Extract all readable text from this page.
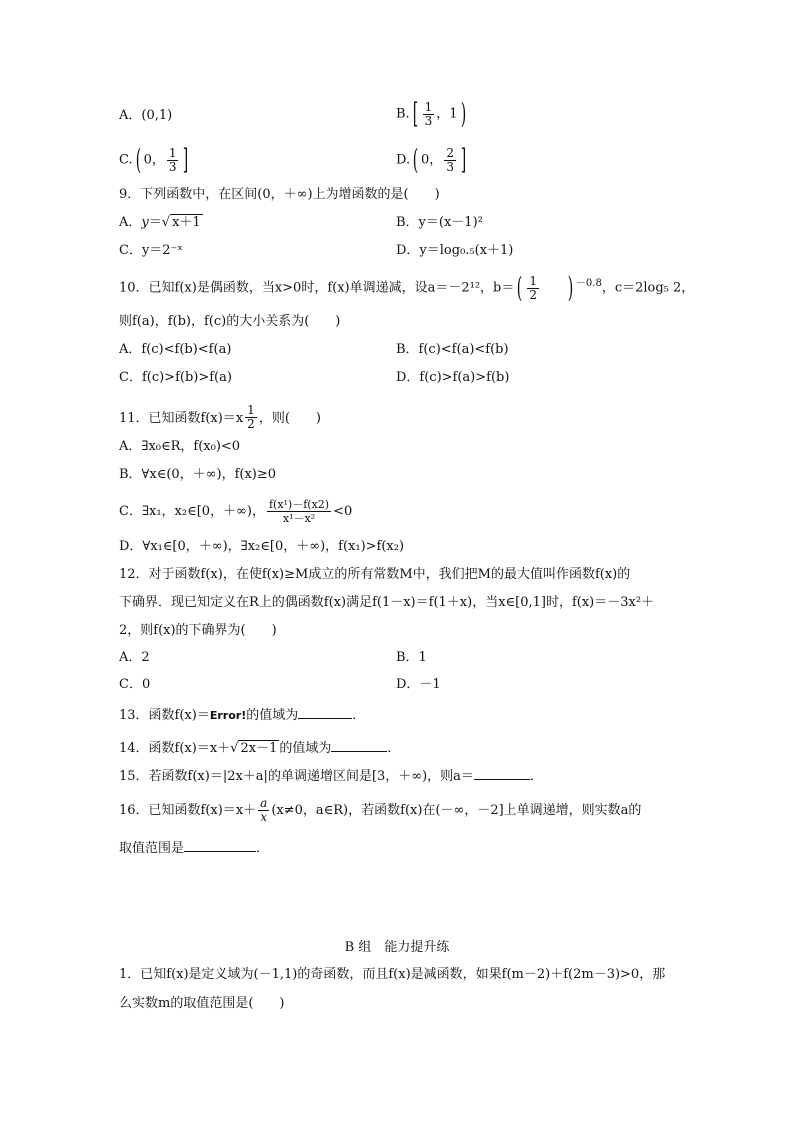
A．(0,1)	$B.[ \frac{1}{3}$ ，1)
C.( 0， $\frac{1}{3}$ ]	D.( 0， $\frac{2}{3}$ ]
9．下列函数中，在区间(0，＋∞)上为增函数的是(　　)
A．y＝√ x＋1	B．y＝(x－1)²
C．y＝2⁻ˣ	D．y＝log₀.₅(x＋1)
10．已知f(x)是偶函数，当x>0时，f(x)单调递减，设a＝－2¹²，$b=( \frac{1}{2}$ ) $^{-0.8}$，c＝2log₅ 2，
则f(a)，f(b)，f(c)的大小关系为(　　)
A．f(c)<f(b)<f(a)	B．f(c)<f(a)<f(b)
C．f(c)>f(b)>f(a)	D．f(c)>f(a)>f(b)
11．已知函数$f(x)=x \frac{1}{2}$ ，则(　　)
A．∃x₀∈R，f(x₀)<0
B．∀x∈(0，＋∞)，f(x)≥0
C．∃x₁，x₂∈[0，＋∞)， $\frac{\text{f(x¹)－f(x2)}}{\text{x¹－x²}} <0$
D．∀x₁∈[0，＋∞)，∃x₂∈[0，＋∞)，f(x₁)>f(x₂)
12．对于函数f(x)，在使f(x)≥M成立的所有常数M中，我们把M的最大值叫作函数f(x)的
下确界．现已知定义在R上的偶函数f(x)满足f(1－x)＝f(1＋x)，当x∈[0,1]时，f(x)＝－3x²＋
2，则f(x)的下确界为(　　)
A．2	B．1
C．0	D．－1
13．函数f(x)＝Error!的值域为	．
14．函数f(x)＝x＋√ 2x－1 的值域为	．
15．若函数f(x)＝|2x＋a|的单调递增区间是[3，＋∞)，则a＝	．
16．已知函数$f(x)=x+ \frac{a}{x} (x\ne 0$，a∈R)，若函数f(x)在(－∞，－2]上单调递增，则实数a的
取值范围是	．
B 组　能力提升练
1．已知f(x)是定义域为(－1,1)的奇函数，而且f(x)是减函数，如果f(m－2)＋f(2m－3)>0，那
么实数m的取值范围是(　　)
